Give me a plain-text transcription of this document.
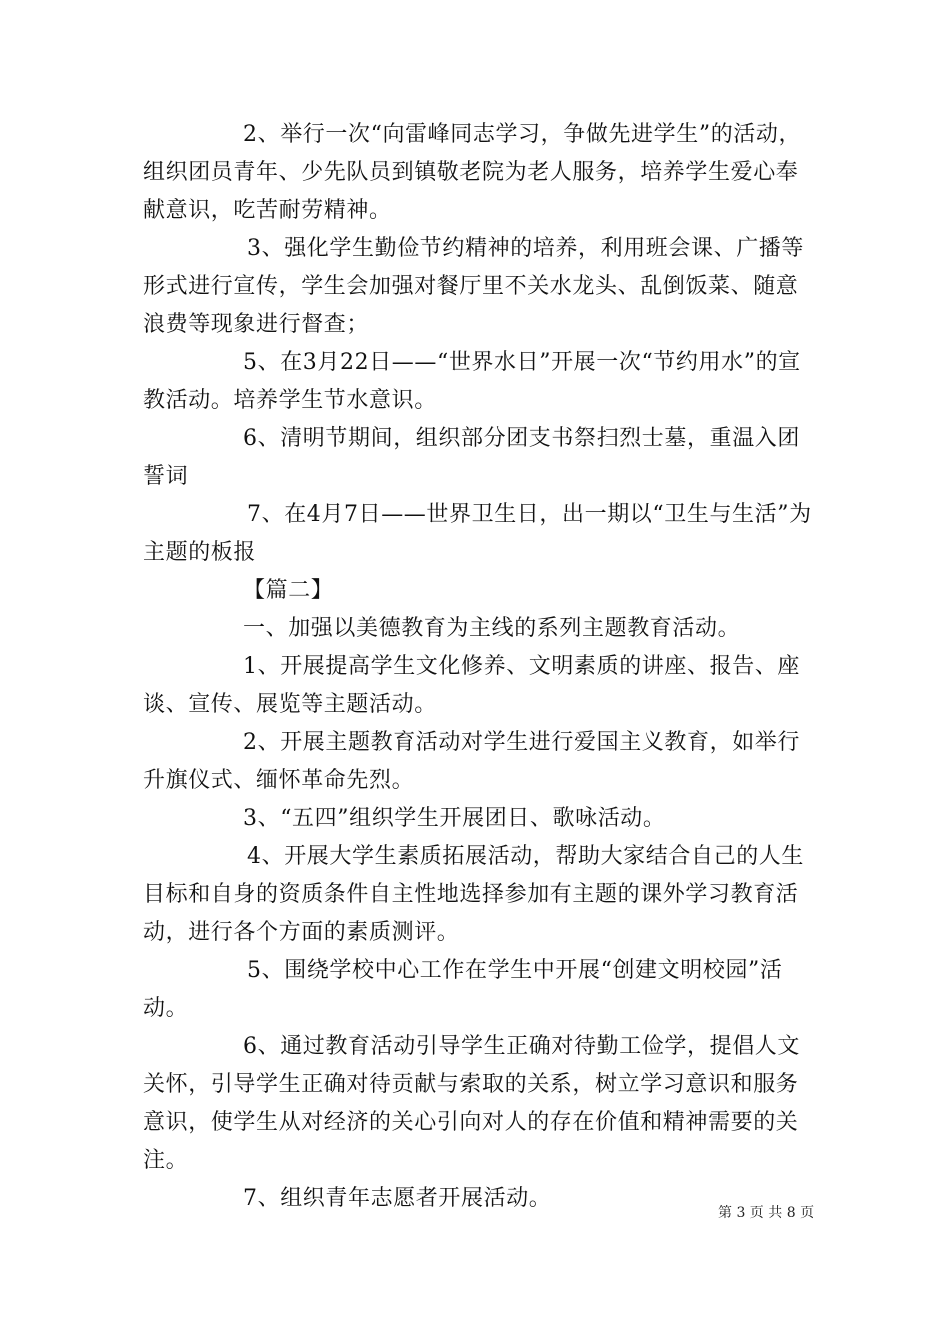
2、举行一次“向雷峰同志学习，争做先进学生”的活动，组织团员青年、少先队员到镇敬老院为老人服务，培养学生爱心奉献意识，吃苦耐劳精神。

3、强化学生勤俭节约精神的培养，利用班会课、广播等形式进行宣传，学生会加强对餐厅里不关水龙头、乱倒饭菜、随意浪费等现象进行督查；

5、在3月22日——“世界水日”开展一次“节约用水”的宣教活动。培养学生节水意识。

6、清明节期间，组织部分团支书祭扫烈士墓，重温入团誓词

7、在4月7日——世界卫生日，出一期以“卫生与生活”为主题的板报

【篇二】

一、加强以美德教育为主线的系列主题教育活动。

1、开展提高学生文化修养、文明素质的讲座、报告、座谈、宣传、展览等主题活动。

2、开展主题教育活动对学生进行爱国主义教育，如举行升旗仪式、缅怀革命先烈。

3、“五四”组织学生开展团日、歌咏活动。

4、开展大学生素质拓展活动，帮助大家结合自己的人生目标和自身的资质条件自主性地选择参加有主题的课外学习教育活动，进行各个方面的素质测评。

5、围绕学校中心工作在学生中开展“创建文明校园”活动。

6、通过教育活动引导学生正确对待勤工俭学，提倡人文关怀，引导学生正确对待贡献与索取的关系，树立学习意识和服务意识，使学生从对经济的关心引向对人的存在价值和精神需要的关注。

7、组织青年志愿者开展活动。

第 3 页 共 8 页
